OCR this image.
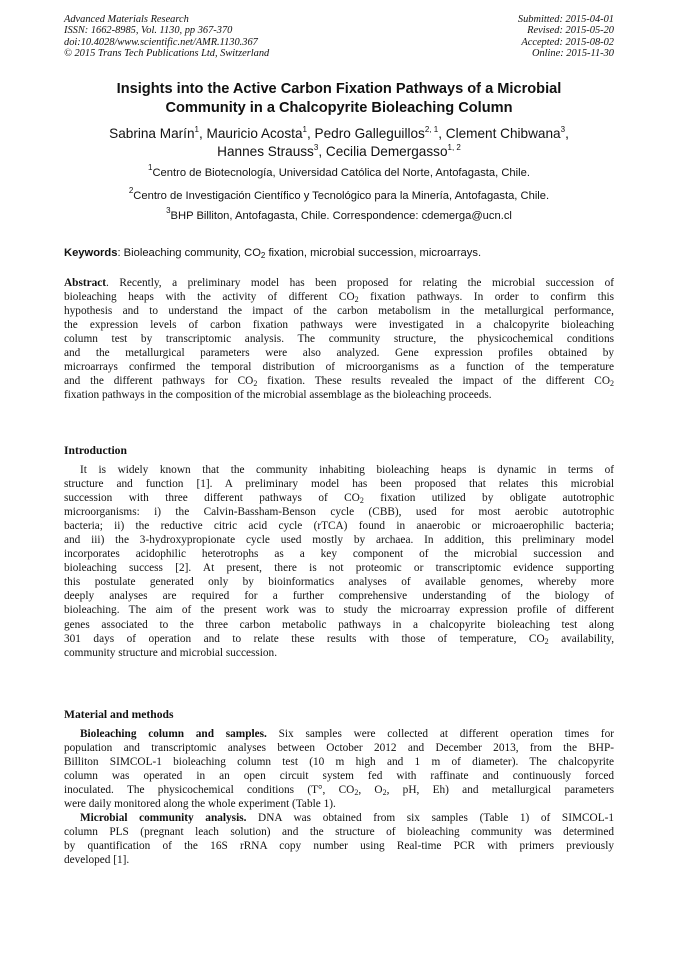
Advanced Materials Research
ISSN: 1662-8985, Vol. 1130, pp 367-370
doi:10.4028/www.scientific.net/AMR.1130.367
© 2015 Trans Tech Publications Ltd, Switzerland
Submitted: 2015-04-01
Revised: 2015-05-20
Accepted: 2015-08-02
Online: 2015-11-30
Insights into the Active Carbon Fixation Pathways of a Microbial
Community in a Chalcopyrite Bioleaching Column
Sabrina Marín$^1$, Mauricio Acosta$^1$, Pedro Galleguillos$^{2, 1}$, Clement Chibwana$^3$,
Hannes Strauss$^3$, Cecilia Demergasso$^{1, 2}$
$^1$Centro de Biotecnología, Universidad Católica del Norte, Antofagasta, Chile.
$^2$Centro de Investigación Científico y Tecnológico para la Minería, Antofagasta, Chile.
$^3$BHP Billiton, Antofagasta, Chile. Correspondence: cdemerga@ucn.cl
Keywords: Bioleaching community, $CO_2$ fixation, microbial succession, microarrays.
Abstract. Recently, a preliminary model has been proposed for relating the microbial succession of
bioleaching heaps with the activity of different $CO_2$ fixation pathways. In order to confirm this
hypothesis and to understand the impact of the carbon metabolism in the metallurgical performance,
the expression levels of carbon fixation pathways were investigated in a chalcopyrite bioleaching
column test by transcriptomic analysis. The community structure, the physicochemical conditions
and the metallurgical parameters were also analyzed. Gene expression profiles obtained by
microarrays confirmed the temporal distribution of microorganisms as a function of the temperature
and the different pathways for $CO_2$ fixation. These results revealed the impact of the different $CO_2$
fixation pathways in the composition of the microbial assemblage as the bioleaching proceeds.
Introduction
It is widely known that the community inhabiting bioleaching heaps is dynamic in terms of
structure and function [1]. A preliminary model has been proposed that relates this microbial
succession with three different pathways of $CO_2$ fixation utilized by obligate autotrophic
microorganisms: i) the Calvin-Bassham-Benson cycle (CBB), used for most aerobic autotrophic
bacteria; ii) the reductive citric acid cycle (rTCA) found in anaerobic or microaerophilic bacteria;
and iii) the 3-hydroxypropionate cycle used mostly by archaea. In addition, this preliminary model
incorporates acidophilic heterotrophs as a key component of the microbial succession and
bioleaching success [2]. At present, there is not proteomic or transcriptomic evidence supporting
this postulate generated only by bioinformatics analyses of available genomes, whereby more
deeply analyses are required for a further comprehensive understanding of the biology of
bioleaching. The aim of the present work was to study the microarray expression profile of different
genes associated to the three carbon metabolic pathways in a chalcopyrite bioleaching test along
301 days of operation and to relate these results with those of temperature, $CO_2$ availability,
community structure and microbial succession.
Material and methods
Bioleaching column and samples. Six samples were collected at different operation times for
population and transcriptomic analyses between October 2012 and December 2013, from the BHP-
Billiton SIMCOL-1 bioleaching column test (10 m high and 1 m of diameter). The chalcopyrite
column was operated in an open circuit system fed with raffinate and continuously forced
inoculated. The physicochemical conditions (T°, $CO_2$, $O_2$, pH, Eh) and metallurgical parameters
were daily monitored along the whole experiment (Table 1).
Microbial community analysis. DNA was obtained from six samples (Table 1) of SIMCOL-1
column PLS (pregnant leach solution) and the structure of bioleaching community was determined
by quantification of the 16S rRNA copy number using Real-time PCR with primers previously
developed [1].
